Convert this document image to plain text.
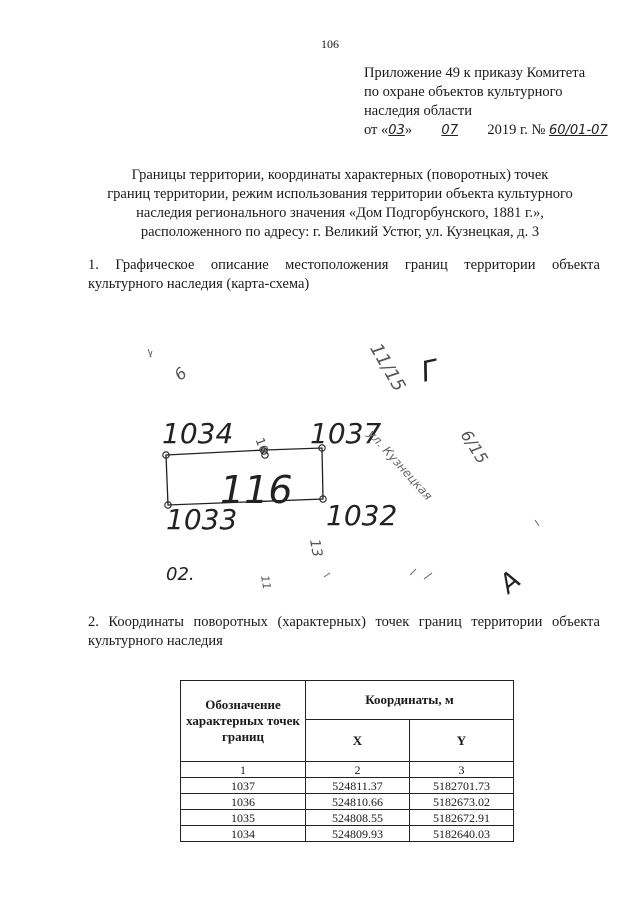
106
Приложение 49 к приказу Комитета
по охране объектов культурного
наследия области
от «03» 07 2019 г. № 60/01-07
Границы территории, координаты характерных (поворотных) точек
границ территории, режим использования территории объекта культурного
наследия регионального значения «Дом Подгорбунского, 1881 г.»,
расположенного по адресу: г. Великий Устюг, ул. Кузнецкая, д. 3
1. Графическое описание местоположения границ территории объекта культурного наследия (карта-схема)
1034	1037
1033	1032
116
16
11/15
6/15
Г
А
6
13
02.	11
ул. Кузнецкая
2. Координаты поворотных (характерных) точек границ территории объекта культурного наследия
Обозначение характерных точек границ	Координаты, м	
	X	Y
1	2	3
1037	524811.37	5182701.73
1036	524810.66	5182673.02
1035	524808.55	5182672.91
1034	524809.93	5182640.03
